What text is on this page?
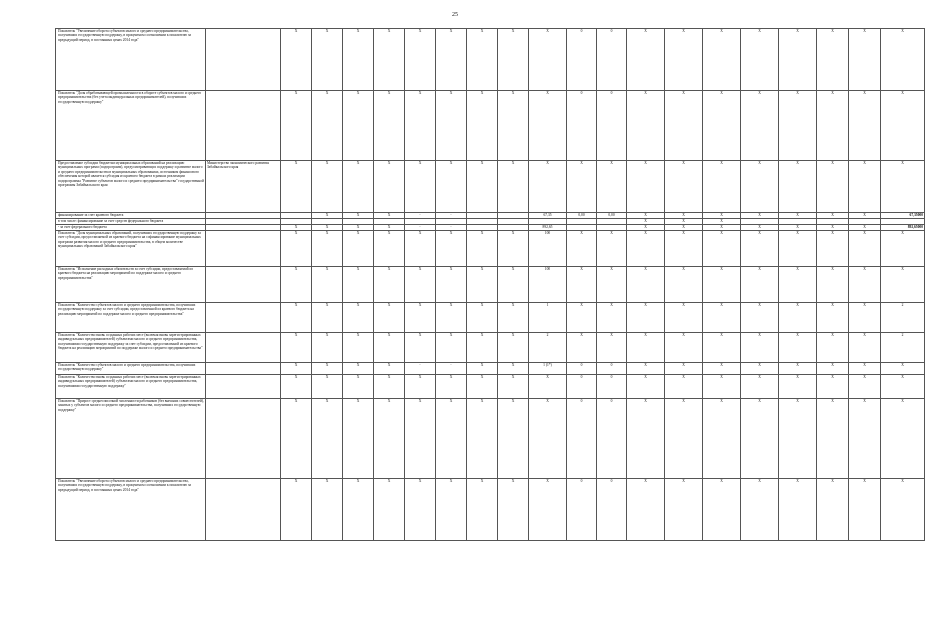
25
Показатель "Увеличение оборота субъектов малого и среднего предпринимательства, получивших государственную поддержку, в процентном соотношении к показателю за предыдущий период, в постоянных ценах 2014 года"		X	X	X	X	X	X	X	X	X	0	0	X	X	X	X	X	X	X	X
Показатель "Доля обрабатывающей промышленности в обороте субъектов малого и среднего предпринимательства (без учета индивидуальных предпринимателей), получивших государственную поддержку"		X	X	X	X	X	X	X	X	X	0	0	X	X	X	X	X	X	X	X
Предоставление субсидии бюджетам муниципальных образований на реализацию муниципальных программ (подпрограмм), предусматривающих поддержку и развитие малого и среднего предпринимательства в муниципальных образованиях, источником финансового обеспечения которой является субсидия из краевого бюджета в рамках реализации подпрограммы "Развитие субъектов малого и среднего предпринимательства" государственной программы Забайкальского края	Министерство экономического развития Забайкальского края	X	X	X	X	X	X	X	X	X	X	X	X	X	X	X	X	X	X	X
финансирование за счет краевого бюджета			X	X	X	-	-			67,35	0,00	0,00	X	X	X	X	X	X	X	67,35000
в том числе: финансирование за счет средств федерального бюджета													X	X	X					
- за счет федерального бюджета		X	X	X	X	-	-			892,65			X	X	X	X	X	X	X	892,65000
Показатель "Доля муниципальных образований, получивших государственную поддержку за счет субсидии, предоставляемой из краевого бюджета на софинансирование муниципальных программ развития малого и среднего предпринимательства, в общем количестве муниципальных образований Забайкальского края"		X	X	X	X	X	X	X	X	100	X	X	X	X	X	X	X	X	X	X
Показатель "Исполнение расходных обязательств за счет субсидии, предоставляемой из краевого бюджета на реализацию мероприятий по поддержке малого и среднего предпринимательства"		X	X	X	X	X	X	X	X	100	X	X	X	X	X	X	X	X	X	X
Показатель "Количество субъектов малого и среднего предпринимательства, получивших государственную поддержку за счет субсидии, предоставленной из краевого бюджета на реализацию мероприятий по поддержке малого и среднего предпринимательства"		X	X	X	X	X	X	X	X	1	X	X	X	X	X	X	X	X	X	2
Показатель "Количество вновь созданных рабочих мест (включая вновь зарегистрированных индивидуальных предпринимателей) субъектами малого и среднего предпринимательства, получившими государственную поддержку за счет субсидии, предоставленной из краевого бюджета на реализацию мероприятий по поддержке малого и среднего предпринимательства"		X	X	X	X	X	X	X	X	2	X	X	X	X	X	X	X	X	X	2
Показатель "Количество субъектов малого и среднего предпринимательства, получивших государственную поддержку"		X	X	X	X	-	-	X	X	1 (1*)	0	0	X	X	X	X	X	X	X	X
Показатель "Количество вновь созданных рабочих мест (включая вновь зарегистрированных индивидуальных предпринимателей) субъектами малого и среднего предпринимательства, получившими государственную поддержку"		X	X	X	X	X	X	X	X	X	0	0	X	X	X	X	X	X	X	X
Показатель "Прирост среднесписочной численности работников (без внешних совместителей), занятых у субъектов малого и среднего предпринимательства, получивших государственную поддержку"		X	X	X	X	X	X	X	X	X	0	0	X	X	X	X	X	X	X	X
Показатель "Увеличение оборота субъектов малого и среднего предпринимательства, получивших государственную поддержку, в процентном соотношении к показателю за предыдущий период, в постоянных ценах 2014 года"		X	X	X	X	X	X	X	X	X	0	0	X	X	X	X	X	X	X	X
